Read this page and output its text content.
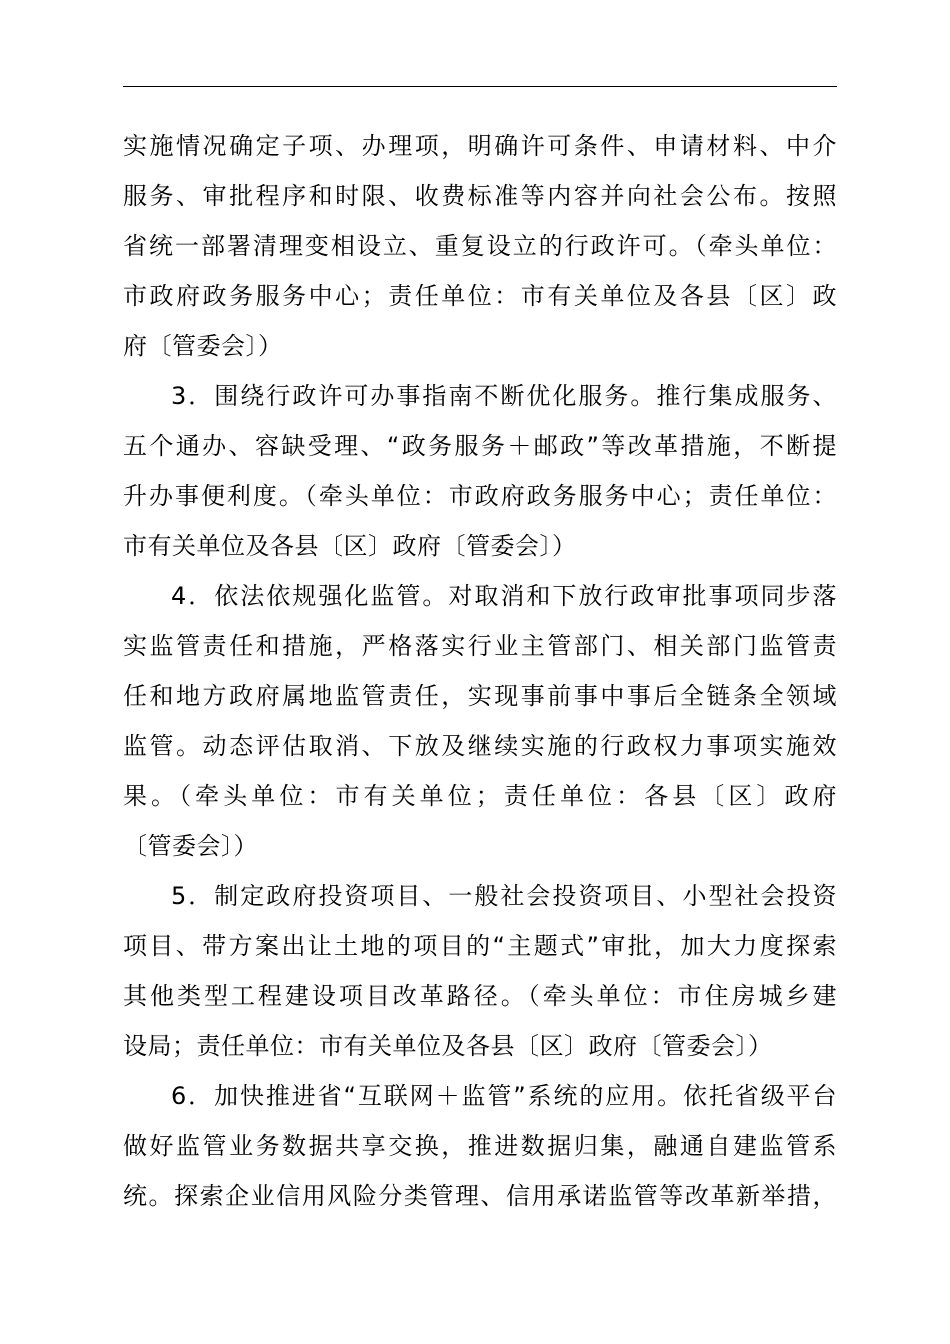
实施情况确定子项、办理项，明确许可条件、申请材料、中介
服务、审批程序和时限、收费标准等内容并向社会公布。按照
省统一部署清理变相设立、重复设立的行政许可。（牵头单位：
市政府政务服务中心；责任单位：市有关单位及各县〔区〕政
府〔管委会〕）
3．围绕行政许可办事指南不断优化服务。推行集成服务、
五个通办、容缺受理、“政务服务＋邮政”等改革措施，不断提
升办事便利度。（牵头单位：市政府政务服务中心；责任单位：
市有关单位及各县〔区〕政府〔管委会〕）
4．依法依规强化监管。对取消和下放行政审批事项同步落
实监管责任和措施，严格落实行业主管部门、相关部门监管责
任和地方政府属地监管责任，实现事前事中事后全链条全领域
监管。动态评估取消、下放及继续实施的行政权力事项实施效
果。（牵头单位：市有关单位；责任单位：各县〔区〕政府
〔管委会〕）
5．制定政府投资项目、一般社会投资项目、小型社会投资
项目、带方案出让土地的项目的“主题式”审批，加大力度探索
其他类型工程建设项目改革路径。（牵头单位：市住房城乡建
设局；责任单位：市有关单位及各县〔区〕政府〔管委会〕）
6．加快推进省“互联网＋监管”系统的应用。依托省级平台
做好监管业务数据共享交换，推进数据归集，融通自建监管系
统。探索企业信用风险分类管理、信用承诺监管等改革新举措，
